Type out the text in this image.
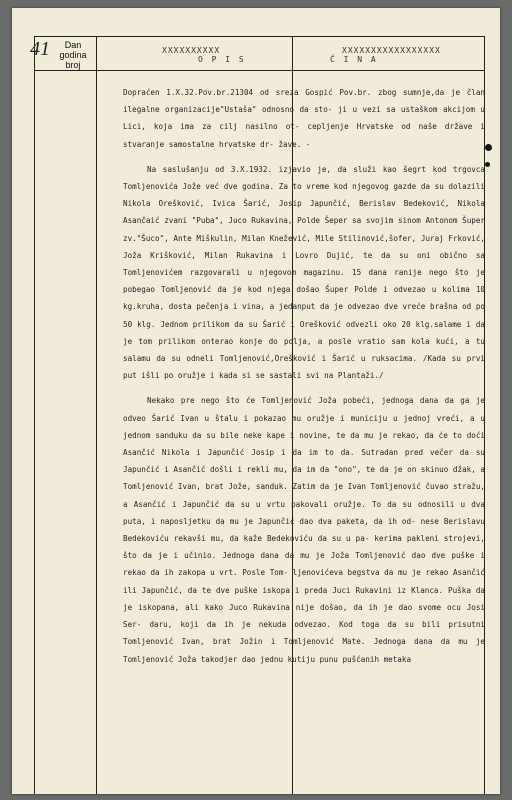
41	Dan
godina
broj
XXXXXXXXXX	XXXXXXXXXXXXXXXXX
O P I S	Č I N A

Dopraćen 1.X.32.Pov.br.21304 od sreza Gospić Pov.br. zbog sumnje,da je član ilegalne organizacije"Ustaša" odnosno da sto- ji u vezi sa ustaškom akcijom u Lici, koja ima za cilj nasilno ot- cepljenje Hrvatske od naše države i stvaranje samostalne hrvatske dr- žave. -

Na saslušanju od 3.X.1932. izjavio je, da služi kao šegrt kod trgovca Tomljenovića Jože već dve godina. Za to vreme kod njegovog gazde da su dolazili Nikola Orešković, Ivica Šarić, Josip Japunčić, Berislav Bedeković, Nikola Asančaić zvani "Puba", Juco Rukavina, Polde Šeper sa svojim sinom Antonom Šuper zv."Šuco", Ante Miškulin, Milan Knežević, Mile Stilinović,šofer, Juraj Frković, Joža Krišković, Milan Rukavina i Lovro Dujić, te da su oni obično sa Tomljenovićem razgovarali u njegovom magazinu. 15 dana ranije nego što je pobegao Tomljenović da je kod njega došao Šuper Polde i odvezao u kolima 10 kg.kruha, dosta pečenja i vina, a jedanput da je odvezao dve vreće brašna od po 50 klg. Jednom prilikom da su Šarić i Orešković odvezli oko 20 klg.salame i da je tom prilikom onterao konje do polja, a posle vratio sam kola kući, a tu salamu da su odneli Tomljenović,Orešković i Šarić u ruksacima. /Kada su prvi put išli po oružje i kada si se sastali svi na Plantaži./

Nekako pre nego što će Tomljenović Joža pobeći, jednoga dana da ga je odveo Šarić Ivan u štalu i pokazao mu oružje i municiju u jednoj vreći, a u jednom sanduku da su bile neke kape i novine, te da mu je rekao, da će to doći Asančić Nikola i Japunčić Josip i da im to da. Sutradan pred večer da su Japunčić i Asančić došli i rekli mu, da im da "ono", te da je on skinuo džak, a Tomljenović Ivan, brat Jože, sanduk. Zatim da je Ivan Tomljenović čuvao stražu, a Asančić i Japunčić da su u vrtu pakovali oružje. To da su odnosili u dva puta, i naposljetku da mu je Japunčić dao dva paketa, da ih od- nese Berislavu Bedekoviću rekavši mu, da kaže Bedekoviću da su u pa- kerima pakleni strojevi, što da je i učinio. Jednoga dana da mu je Joža Tomljenović dao dve puške i rekao da ih zakopa u vrt. Posle Tom- ljenovićeva begstva da mu je rekao Asančić ili Japunčić, da te dve puške iskopa i preda Juci Rukavini iz Klanca. Puška da je iskopana, ali kako Juco Rukavina nije došao, da ih je dao svome ocu Josi Ser- daru, koji da ih je nekuda odvezao. Kod toga da su bili prisutni Tomljenović Ivan, brat Jožin i Tomljenović Mate. Jednoga dana da mu je Tomljenović Joža takodjer dao jednu kutiju punu pušćanih metaka
